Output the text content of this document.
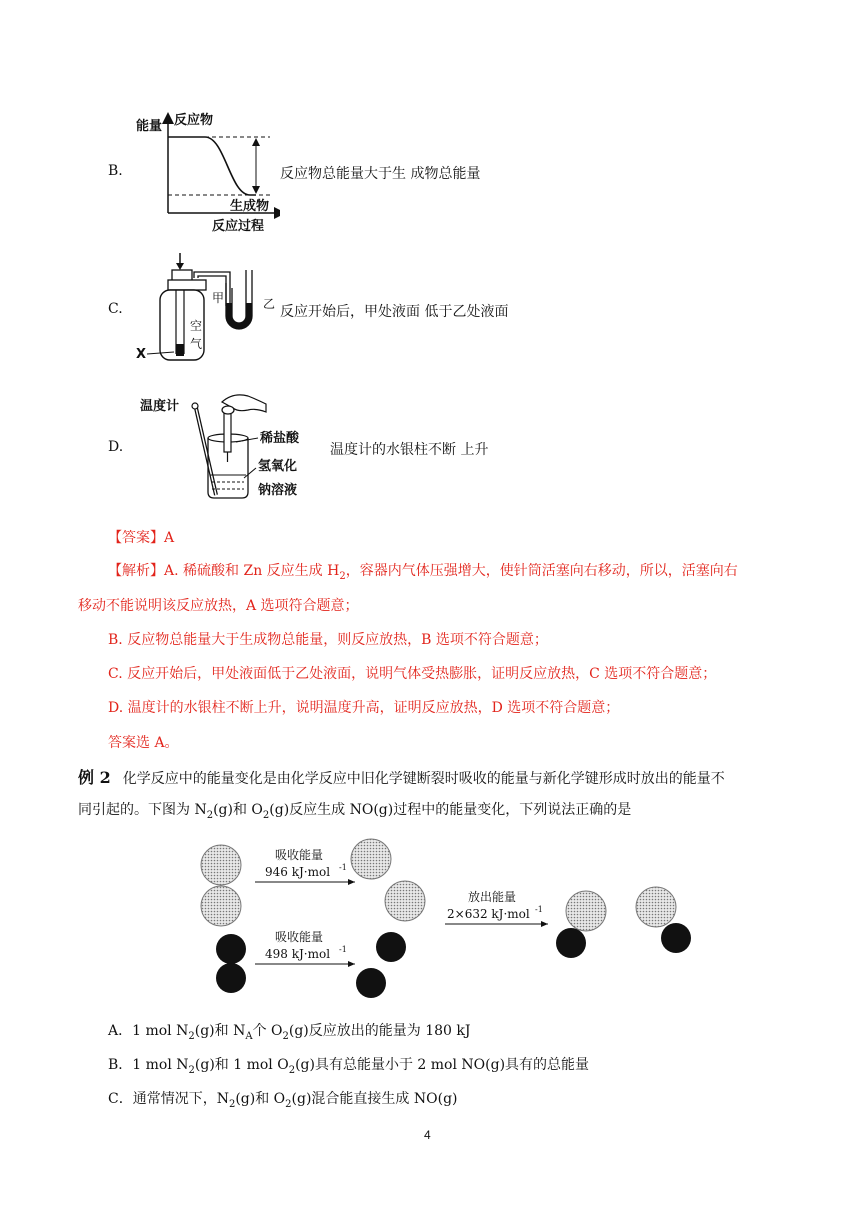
B.
能量 反应物
生成物
反应过程
反应物总能量大于生 成物总能量
C.
甲	乙
空
气
X
反应开始后，甲处液面 低于乙处液面
D.
温度计
稀盐酸
氢氧化
钠溶液
温度计的水银柱不断 上升
【答案】A
【解析】A. 稀硫酸和 Zn 反应生成 $H_2$，容器内气体压强增大，使针筒活塞向右移动，所以，活塞向右
移动不能说明该反应放热，A 选项符合题意；
B. 反应物总能量大于生成物总能量，则反应放热，B 选项不符合题意；
C. 反应开始后，甲处液面低于乙处液面，说明气体受热膨胀，证明反应放热，C 选项不符合题意；
D. 温度计的水银柱不断上升，说明温度升高，证明反应放热，D 选项不符合题意；
答案选 A。
例 2 化学反应中的能量变化是由化学反应中旧化学键断裂时吸收的能量与新化学键形成时放出的能量不
同引起的。下图为 $N_2(g)$和 $O_2(g)$反应生成 NO(g)过程中的能量变化，下列说法正确的是
吸收能量
946 kJ·mol -1
吸收能量
498 kJ·mol -1
放出能量
2×632 kJ·mol -1
A．1 mol $N_2(g)$和 $N_A$个 $O_2(g)$反应放出的能量为 180 kJ
B．1 mol $N_2(g)$和 1 mol $O_2(g)$具有总能量小于 2 mol NO(g)具有的总能量
C．通常情况下，$N_2(g)$和 $O_2(g)$混合能直接生成 NO(g)
4
